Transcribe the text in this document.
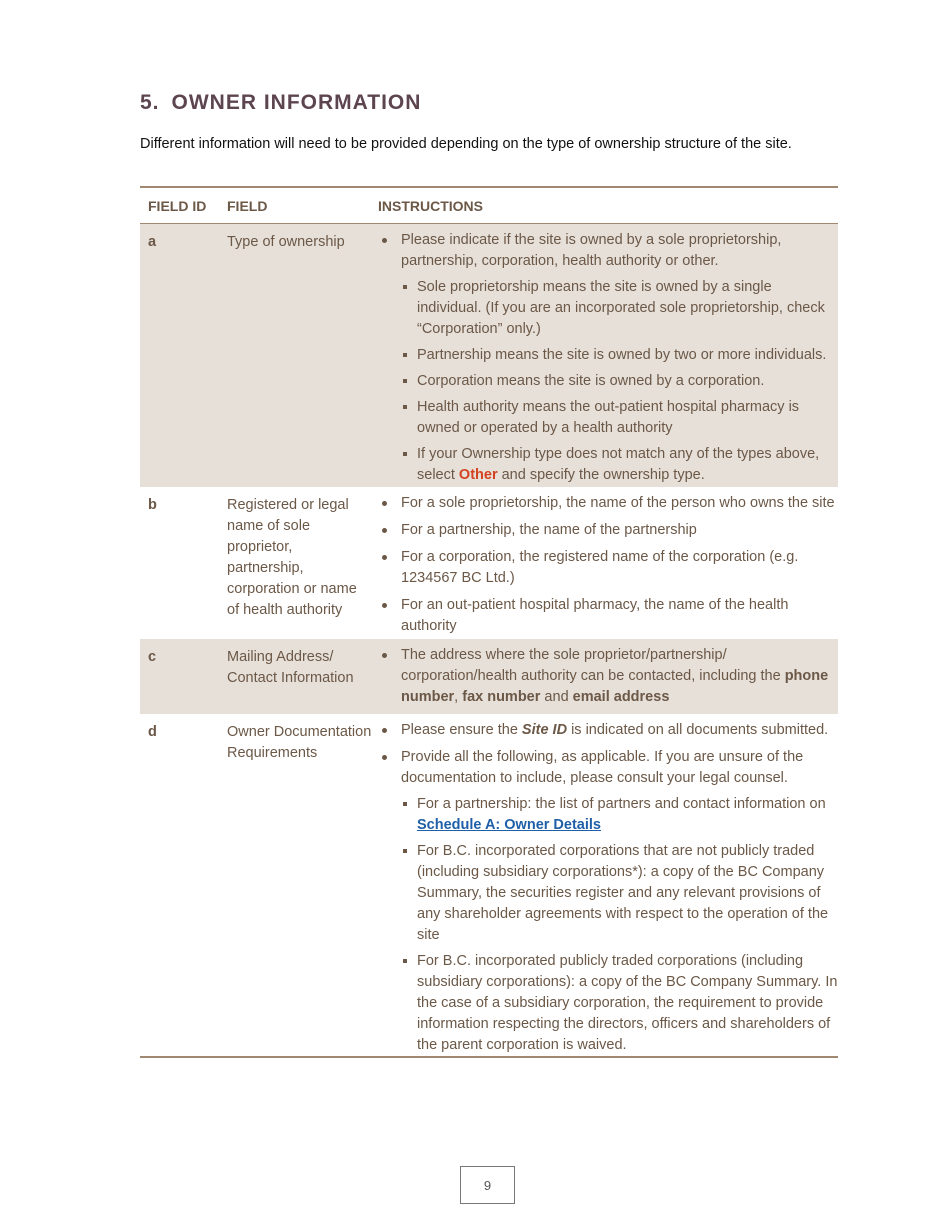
5. OWNER INFORMATION

Different information will need to be provided depending on the type of ownership structure of the site.

FIELD ID	FIELD	INSTRUCTIONS
a	Type of ownership	Please indicate if the site is owned by a sole proprietorship, partnership, corporation, health authority or other.
Sole proprietorship means the site is owned by a single individual. (If you are an incorporated sole proprietorship, check “Corporation” only.)
Partnership means the site is owned by two or more individuals.
Corporation means the site is owned by a corporation.
Health authority means the out-patient hospital pharmacy is owned or operated by a health authority
If your Ownership type does not match any of the types above, select Other and specify the ownership type.
b	Registered or legal name of sole proprietor, partnership, corporation or name of health authority
For a sole proprietorship, the name of the person who owns the site
For a partnership, the name of the partnership
For a corporation, the registered name of the corporation (e.g. 1234567 BC Ltd.)
For an out-patient hospital pharmacy, the name of the health authority
c	Mailing Address/ Contact Information
The address where the sole proprietor/partnership/ corporation/health authority can be contacted, including the phone number, fax number and email address
d	Owner Documentation Requirements
Please ensure the Site ID is indicated on all documents submitted.
Provide all the following, as applicable. If you are unsure of the documentation to include, please consult your legal counsel.
For a partnership: the list of partners and contact information on Schedule A: Owner Details
For B.C. incorporated corporations that are not publicly traded (including subsidiary corporations*): a copy of the BC Company Summary, the securities register and any relevant provisions of any shareholder agreements with respect to the operation of the site
For B.C. incorporated publicly traded corporations (including subsidiary corporations): a copy of the BC Company Summary. In the case of a subsidiary corporation, the requirement to provide information respecting the directors, officers and shareholders of the parent corporation is waived.
9
